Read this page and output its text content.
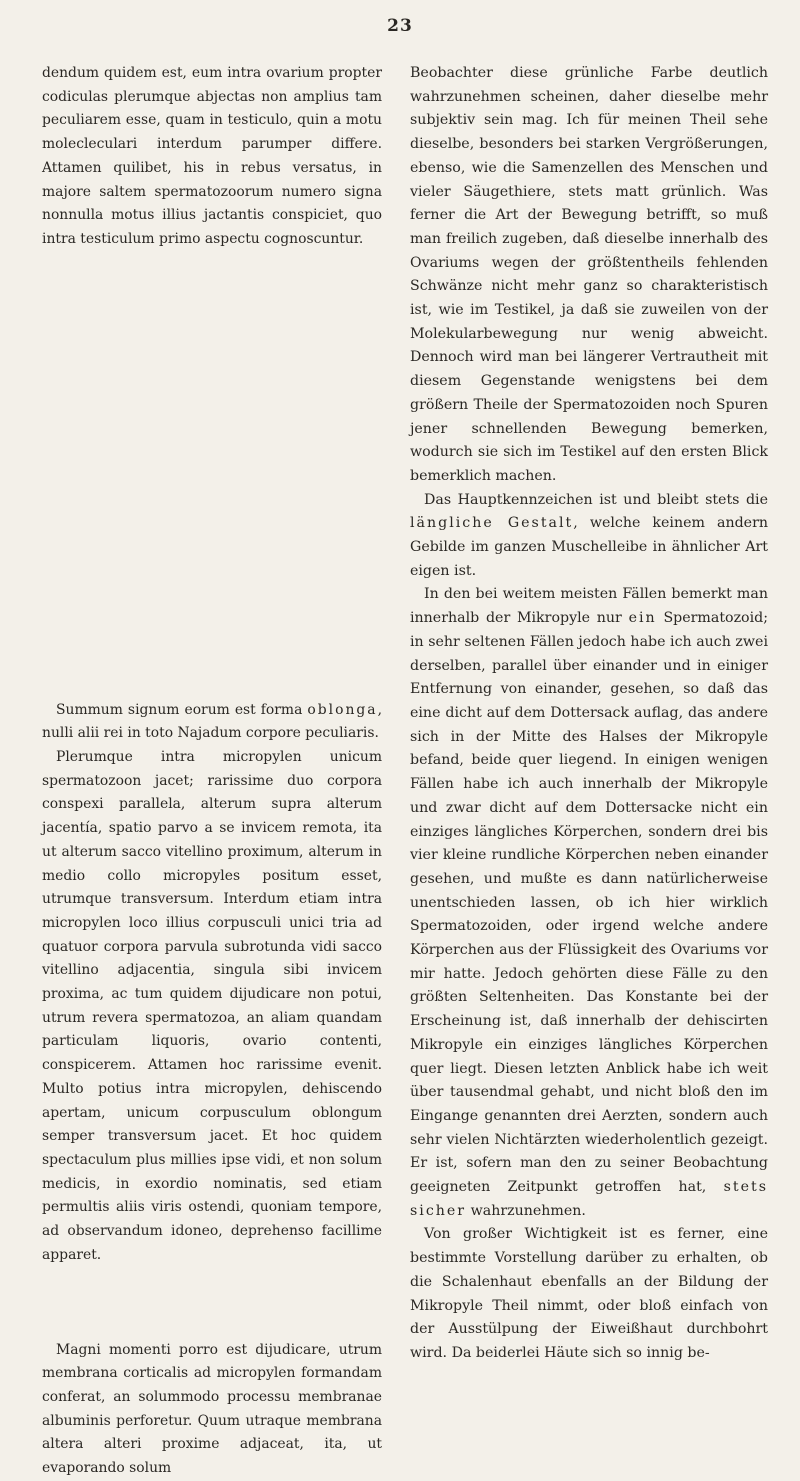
23

dendum quidem est, eum intra ovarium propter codiculas plerumque abjectas non amplius tam peculiarem esse, quam in testiculo, quin a motu molecleculari interdum parumper differe. Attamen quilibet, his in rebus versatus, in majore saltem spermatozoorum numero signa nonnulla motus illius jactantis conspiciet, quo intra testiculum primo aspectu cognoscuntur.

Summum signum eorum est forma oblonga, nulli alii rei in toto Najadum corpore peculiaris.

Plerumque intra micropylen unicum spermatozoon jacet; rarissime duo corpora conspexi parallela, alterum supra alterum jacentía, spatio parvo a se invicem remota, ita ut alterum sacco vitellino proximum, alterum in medio collo micropyles positum esset, utrumque transversum. Interdum etiam intra micropylen loco illius corpusculi unici tria ad quatuor corpora parvula subrotunda vidi sacco vitellino adjacentia, singula sibi invicem proxima, ac tum quidem dijudicare non potui, utrum revera spermatozoa, an aliam quandam particulam liquoris, ovario contenti, conspicerem. Attamen hoc rarissime evenit. Multo potius intra micropylen, dehiscendo apertam, unicum corpusculum oblongum semper transversum jacet. Et hoc quidem spectaculum plus millies ipse vidi, et non solum medicis, in exordio nominatis, sed etiam permultis aliis viris ostendi, quoniam tempore, ad observandum idoneo, deprehenso facillime apparet.

Magni momenti porro est dijudicare, utrum membrana corticalis ad micropylen formandam conferat, an solummodo processu membranae albuminis perforetur. Quum utraque membrana altera alteri proxime adjaceat, ita, ut evaporando solum

Beobachter diese grünliche Farbe deutlich wahrzunehmen scheinen, daher dieselbe mehr subjektiv sein mag. Ich für meinen Theil sehe dieselbe, besonders bei starken Vergrößerungen, ebenso, wie die Samenzellen des Menschen und vieler Säugethiere, stets matt grünlich. Was ferner die Art der Bewegung betrifft, so muß man freilich zugeben, daß dieselbe innerhalb des Ovariums wegen der größtentheils fehlenden Schwänze nicht mehr ganz so charakteristisch ist, wie im Testikel, ja daß sie zuweilen von der Molekularbewegung nur wenig abweicht. Dennoch wird man bei längerer Vertrautheit mit diesem Gegenstande wenigstens bei dem größern Theile der Spermatozoiden noch Spuren jener schnellenden Bewegung bemerken, wodurch sie sich im Testikel auf den ersten Blick bemerklich machen.

Das Hauptkennzeichen ist und bleibt stets die längliche Gestalt, welche keinem andern Gebilde im ganzen Muschelleibe in ähnlicher Art eigen ist.

In den bei weitem meisten Fällen bemerkt man innerhalb der Mikropyle nur ein Spermatozoid; in sehr seltenen Fällen jedoch habe ich auch zwei derselben, parallel über einander und in einiger Entfernung von einander, gesehen, so daß das eine dicht auf dem Dottersack auflag, das andere sich in der Mitte des Halses der Mikropyle befand, beide quer liegend. In einigen wenigen Fällen habe ich auch innerhalb der Mikropyle und zwar dicht auf dem Dottersacke nicht ein einziges längliches Körperchen, sondern drei bis vier kleine rundliche Körperchen neben einander gesehen, und mußte es dann natürlicherweise unentschieden lassen, ob ich hier wirklich Spermatozoiden, oder irgend welche andere Körperchen aus der Flüssigkeit des Ovariums vor mir hatte. Jedoch gehörten diese Fälle zu den größten Seltenheiten. Das Konstante bei der Erscheinung ist, daß innerhalb der dehiscirten Mikropyle ein einziges längliches Körperchen quer liegt. Diesen letzten Anblick habe ich weit über tausendmal gehabt, und nicht bloß den im Eingange genannten drei Aerzten, sondern auch sehr vielen Nichtärzten wiederholentlich gezeigt. Er ist, sofern man den zu seiner Beobachtung geeigneten Zeitpunkt getroffen hat, stets sicher wahrzunehmen.

Von großer Wichtigkeit ist es ferner, eine bestimmte Vorstellung darüber zu erhalten, ob die Schalenhaut ebenfalls an der Bildung der Mikropyle Theil nimmt, oder bloß einfach von der Ausstülpung der Eiweißhaut durchbohrt wird. Da beiderlei Häute sich so innig be-
